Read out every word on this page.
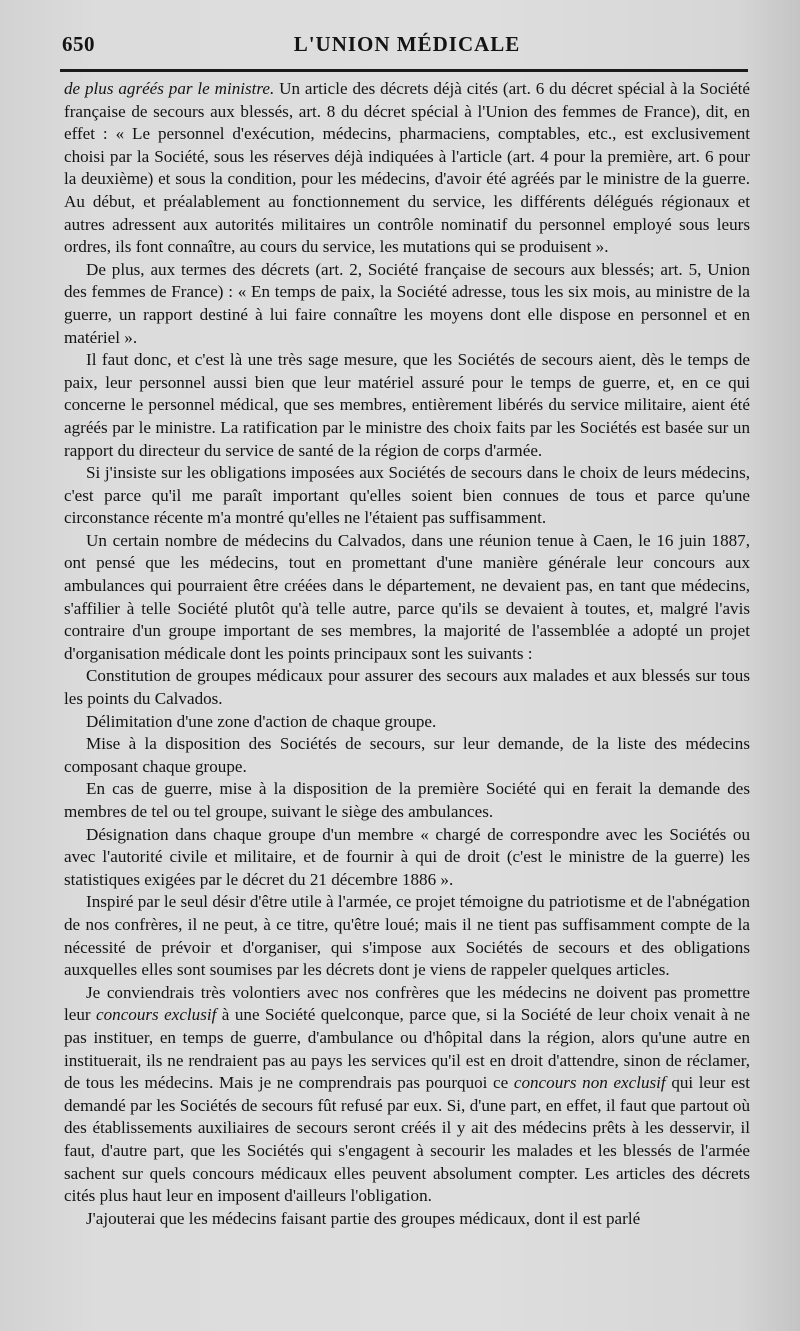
650	L'UNION MÉDICALE

de plus agréés par le ministre. Un article des décrets déjà cités (art. 6 du décret spécial à la Société française de secours aux blessés, art. 8 du décret spécial à l'Union des femmes de France), dit, en effet : « Le personnel d'exécution, médecins, pharmaciens, comptables, etc., est exclusivement choisi par la Société, sous les réserves déjà indiquées à l'article (art. 4 pour la première, art. 6 pour la deuxième) et sous la condition, pour les médecins, d'avoir été agréés par le ministre de la guerre. Au début, et préalablement au fonctionnement du service, les différents délégués régionaux et autres adressent aux autorités militaires un contrôle nominatif du personnel employé sous leurs ordres, ils font connaître, au cours du service, les mutations qui se produisent ».

De plus, aux termes des décrets (art. 2, Société française de secours aux blessés; art. 5, Union des femmes de France) : « En temps de paix, la Société adresse, tous les six mois, au ministre de la guerre, un rapport destiné à lui faire connaître les moyens dont elle dispose en personnel et en matériel ».

Il faut donc, et c'est là une très sage mesure, que les Sociétés de secours aient, dès le temps de paix, leur personnel aussi bien que leur matériel assuré pour le temps de guerre, et, en ce qui concerne le personnel médical, que ses membres, entièrement libérés du service militaire, aient été agréés par le ministre. La ratification par le ministre des choix faits par les Sociétés est basée sur un rapport du directeur du service de santé de la région de corps d'armée.

Si j'insiste sur les obligations imposées aux Sociétés de secours dans le choix de leurs médecins, c'est parce qu'il me paraît important qu'elles soient bien connues de tous et parce qu'une circonstance récente m'a montré qu'elles ne l'étaient pas suffisamment.

Un certain nombre de médecins du Calvados, dans une réunion tenue à Caen, le 16 juin 1887, ont pensé que les médecins, tout en promettant d'une manière générale leur concours aux ambulances qui pourraient être créées dans le département, ne devaient pas, en tant que médecins, s'affilier à telle Société plutôt qu'à telle autre, parce qu'ils se devaient à toutes, et, malgré l'avis contraire d'un groupe important de ses membres, la majorité de l'assemblée a adopté un projet d'organisation médicale dont les points principaux sont les suivants :

Constitution de groupes médicaux pour assurer des secours aux malades et aux blessés sur tous les points du Calvados.

Délimitation d'une zone d'action de chaque groupe.

Mise à la disposition des Sociétés de secours, sur leur demande, de la liste des médecins composant chaque groupe.

En cas de guerre, mise à la disposition de la première Société qui en ferait la demande des membres de tel ou tel groupe, suivant le siège des ambulances.

Désignation dans chaque groupe d'un membre « chargé de correspondre avec les Sociétés ou avec l'autorité civile et militaire, et de fournir à qui de droit (c'est le ministre de la guerre) les statistiques exigées par le décret du 21 décembre 1886 ».

Inspiré par le seul désir d'être utile à l'armée, ce projet témoigne du patriotisme et de l'abnégation de nos confrères, il ne peut, à ce titre, qu'être loué; mais il ne tient pas suffisamment compte de la nécessité de prévoir et d'organiser, qui s'impose aux Sociétés de secours et des obligations auxquelles elles sont soumises par les décrets dont je viens de rappeler quelques articles.

Je conviendrais très volontiers avec nos confrères que les médecins ne doivent pas promettre leur concours exclusif à une Société quelconque, parce que, si la Société de leur choix venait à ne pas instituer, en temps de guerre, d'ambulance ou d'hôpital dans la région, alors qu'une autre en instituerait, ils ne rendraient pas au pays les services qu'il est en droit d'attendre, sinon de réclamer, de tous les médecins. Mais je ne comprendrais pas pourquoi ce concours non exclusif qui leur est demandé par les Sociétés de secours fût refusé par eux. Si, d'une part, en effet, il faut que partout où des établissements auxiliaires de secours seront créés il y ait des médecins prêts à les desservir, il faut, d'autre part, que les Sociétés qui s'engagent à secourir les malades et les blessés de l'armée sachent sur quels concours médicaux elles peuvent absolument compter. Les articles des décrets cités plus haut leur en imposent d'ailleurs l'obligation.

J'ajouterai que les médecins faisant partie des groupes médicaux, dont il est parlé
